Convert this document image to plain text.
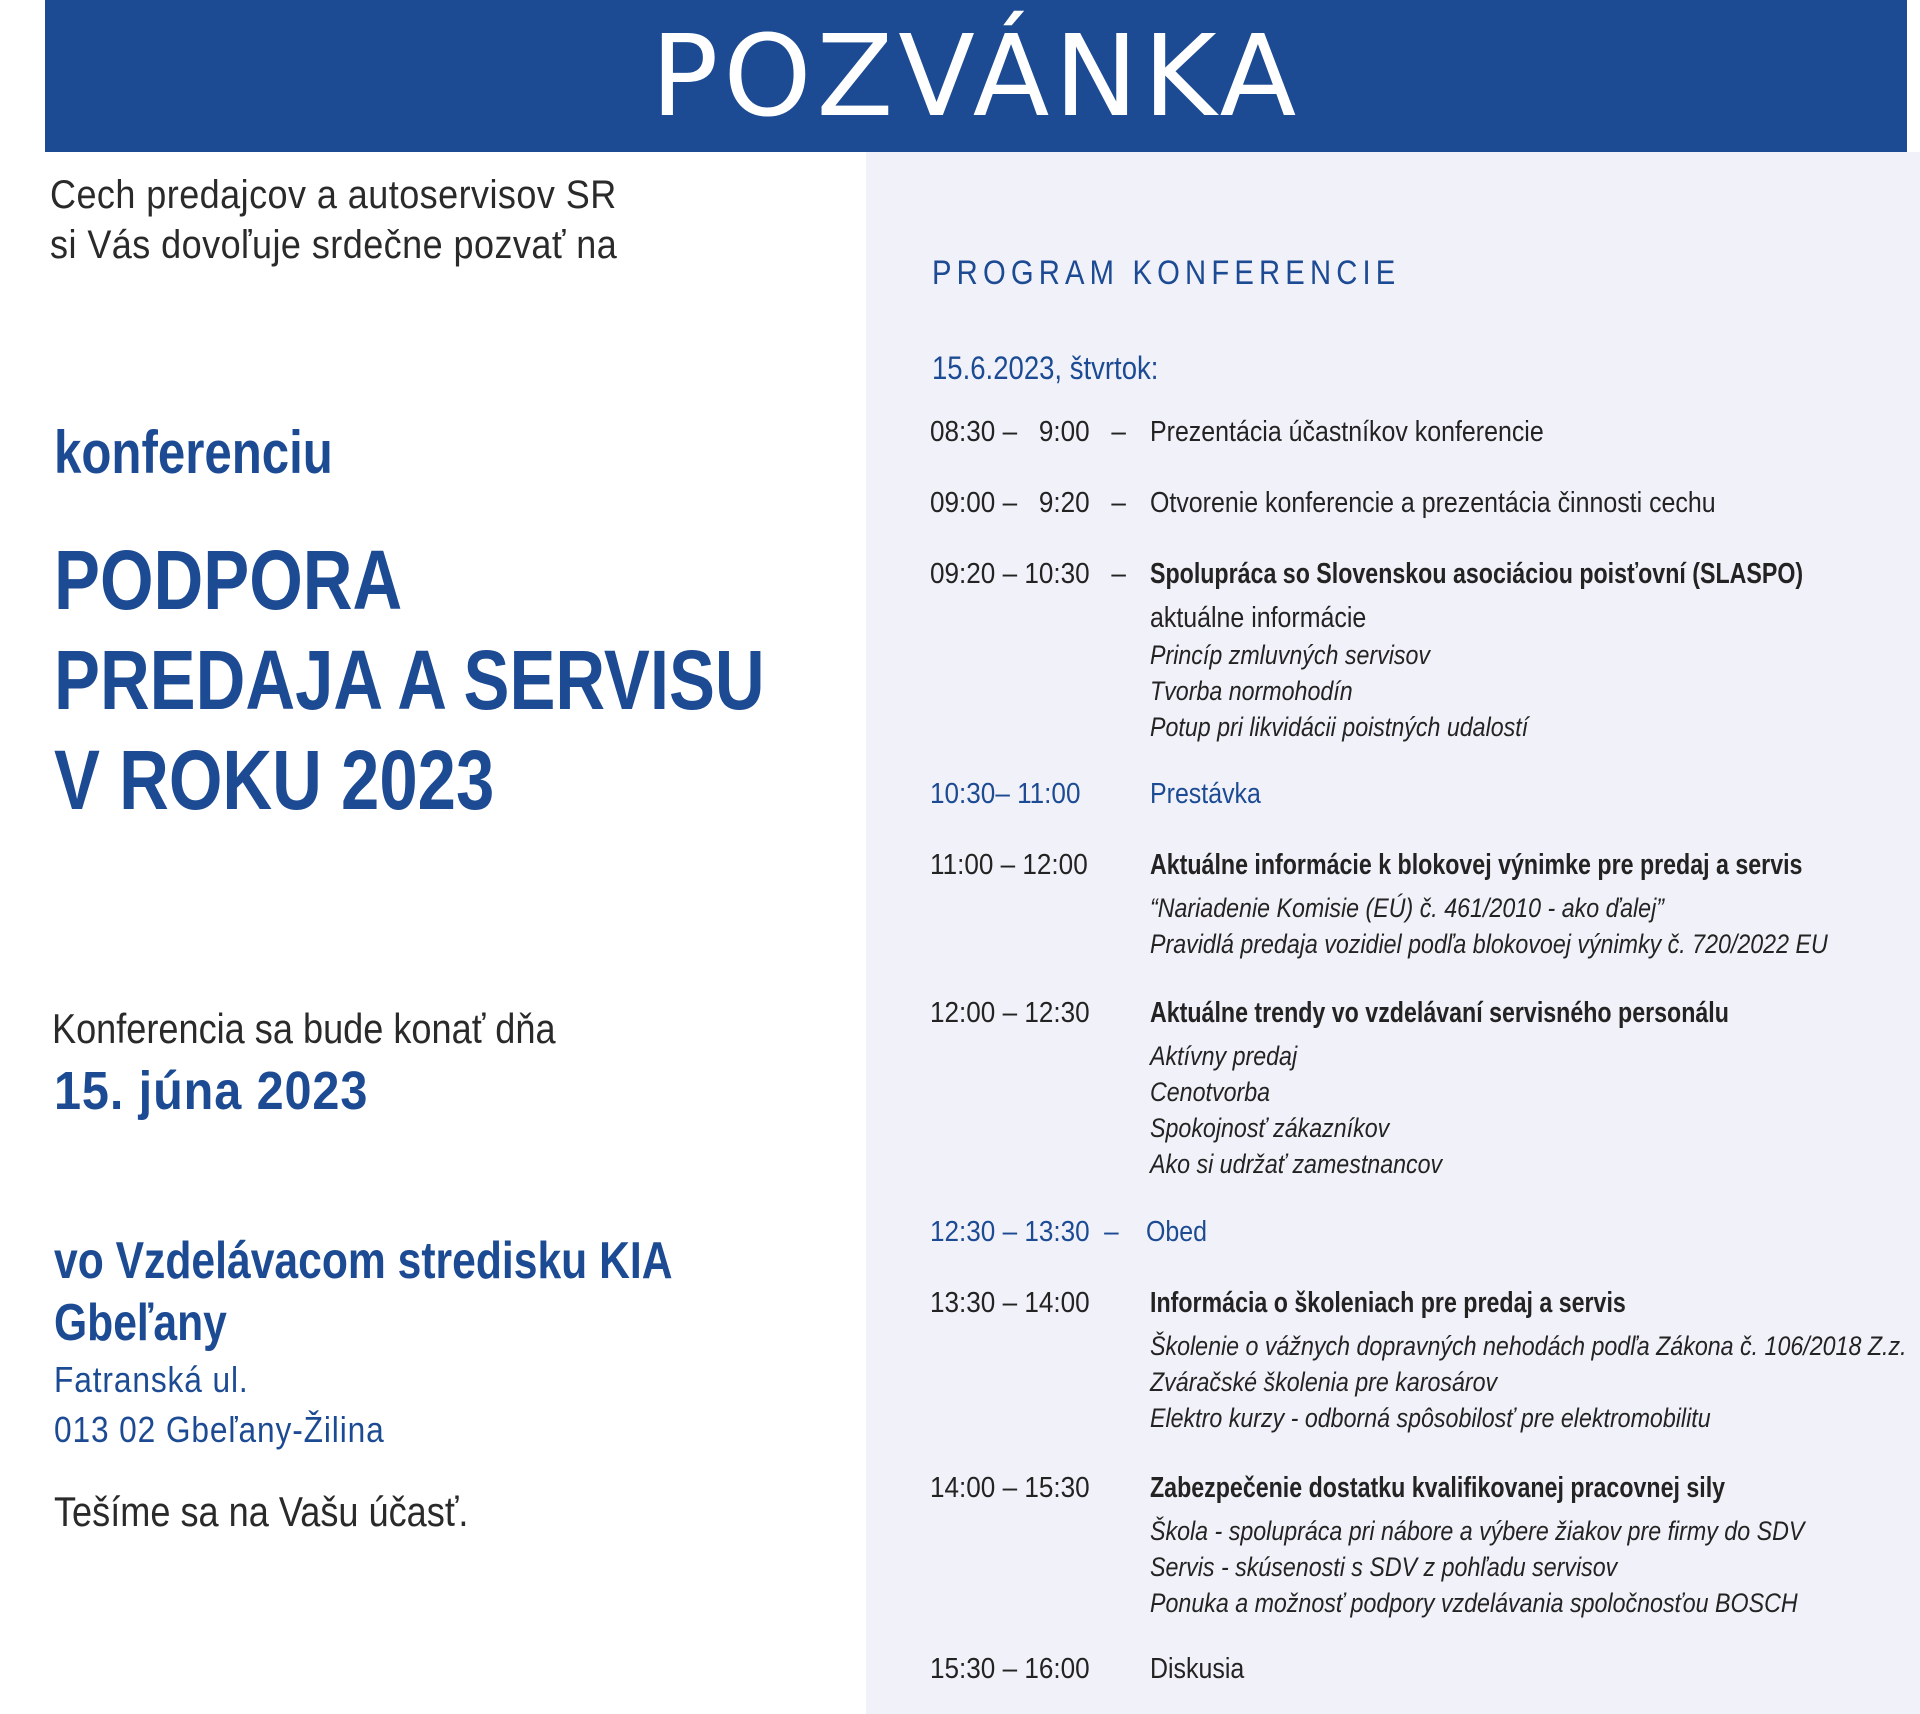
POZVÁNKA
Cech predajcov a autoservisov SR
si Vás dovoľuje srdečne pozvať na
konferenciu
PODPORA
PREDAJA A SERVISU
V ROKU 2023
Konferencia sa bude konať dňa
15. júna 2023
vo Vzdelávacom stredisku KIA
Gbeľany
Fatranská ul.
013 02 Gbeľany-Žilina
Tešíme sa na Vašu účasť.
PROGRAM KONFERENCIE
15.6.2023, štvrtok:
08:30 –   9:00   – Prezentácia účastníkov konferencie
09:00 –   9:20   – Otvorenie konferencie a prezentácia činnosti cechu
09:20 – 10:30   – Spolupráca so Slovenskou asociáciou poisťovní (SLASPO)
aktuálne informácie
Princíp zmluvných servisov
Tvorba normohodín
Potup pri likvidácii poistných udalostí
10:30– 11:00 Prestávka
11:00 – 12:00 Aktuálne informácie k blokovej výnimke pre predaj a servis
“Nariadenie Komisie (EÚ) č. 461/2010 - ako ďalej”
Pravidlá predaja vozidiel podľa blokovoej výnimky č. 720/2022 EU
12:00 – 12:30 Aktuálne trendy vo vzdelávaní servisného personálu
Aktívny predaj
Cenotvorba
Spokojnosť zákazníkov
Ako si udržať zamestnancov
12:30 – 13:30  – Obed
13:30 – 14:00 Informácia o školeniach pre predaj a servis
Školenie o vážnych dopravných nehodách podľa Zákona č. 106/2018 Z.z.
Zváračské školenia pre karosárov
Elektro kurzy - odborná spôsobilosť pre elektromobilitu
14:00 – 15:30 Zabezpečenie dostatku kvalifikovanej pracovnej sily
Škola - spolupráca pri nábore a výbere žiakov pre firmy do SDV
Servis - skúsenosti s SDV z pohľadu servisov
Ponuka a možnosť podpory vzdelávania spoločnosťou BOSCH
15:30 – 16:00 Diskusia
